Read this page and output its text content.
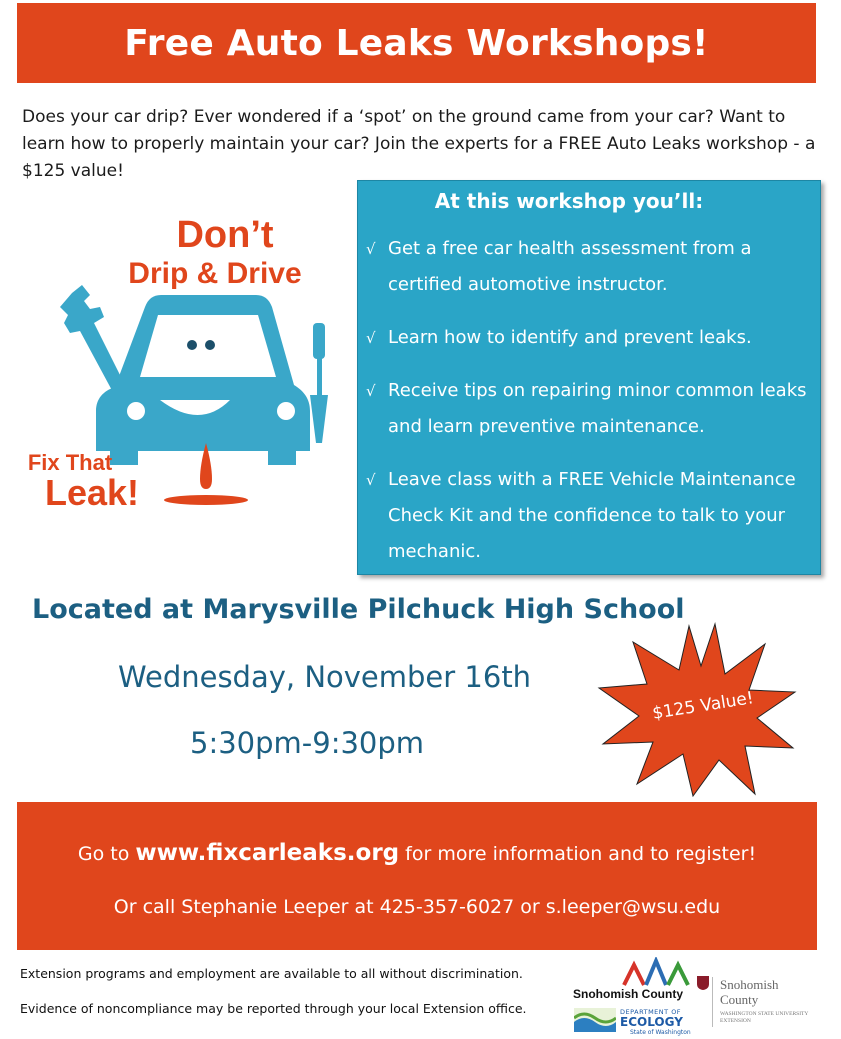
Free Auto Leaks Workshops!

Does your car drip? Ever wondered if a ‘spot’ on the ground came from your car? Want to learn how to properly maintain your car? Join the experts for a FREE Auto Leaks workshop - a $125 value!

Don’t
Drip & Drive
Fix That
Leak!
At this workshop you’ll:
√ Get a free car health assessment from a certified automotive instructor.
√ Learn how to identify and prevent leaks.
√ Receive tips on repairing minor common leaks and learn preventive maintenance.
√ Leave class with a FREE Vehicle Maintenance Check Kit and the confidence to talk to your mechanic.
Located at Marysville Pilchuck High School
Wednesday, November 16th
5:30pm-9:30pm
$125 Value!
Go to www.fixcarleaks.org for more information and to register!
Or call Stephanie Leeper at 425-357-6027 or s.leeper@wsu.edu
Extension programs and employment are available to all without discrimination.
Evidence of noncompliance may be reported through your local Extension office.
Snohomish County
DEPARTMENT OF
ECOLOGY
State of Washington
Snohomish
County
WASHINGTON STATE UNIVERSITY
EXTENSION
